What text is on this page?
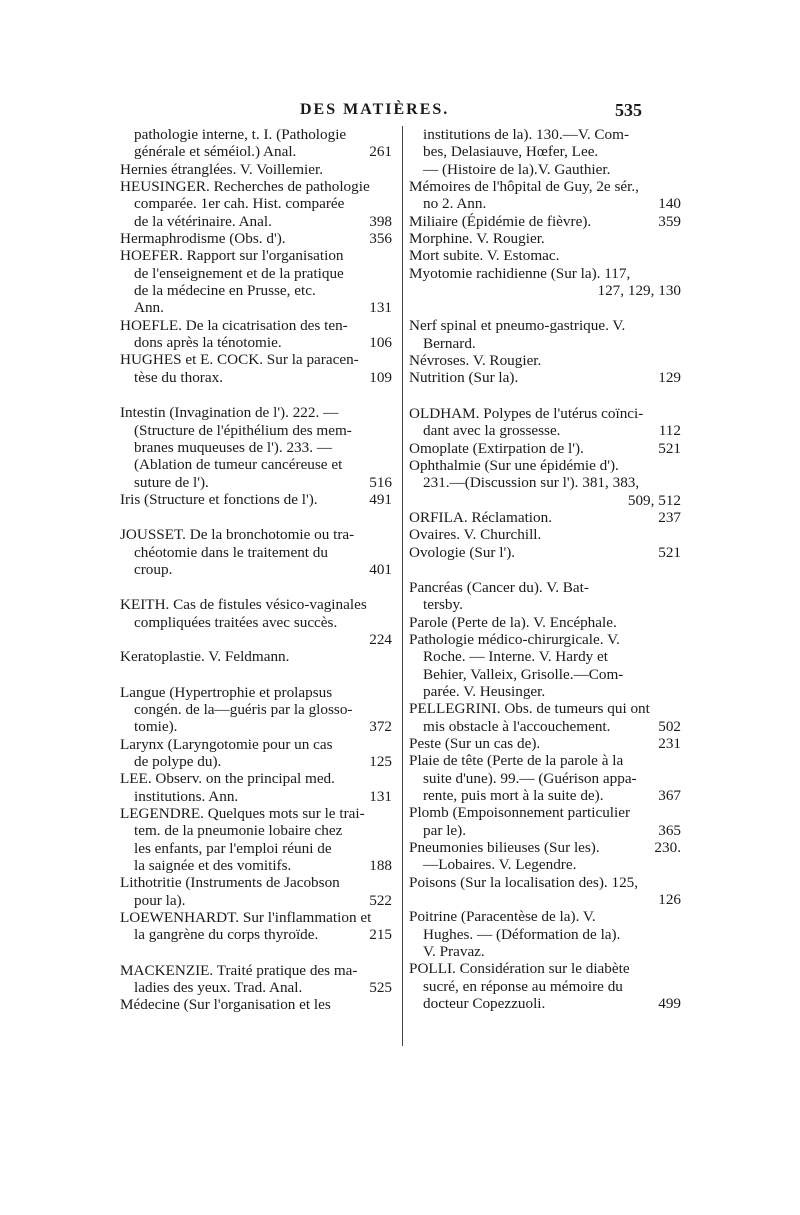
DES MATIÈRES.	535
pathologie interne, t. I. (Pathologie
261
générale et séméiol.) Anal.
Hernies étranglées. V. Voillemier.
HEUSINGER. Recherches de pathologie
comparée. 1er cah. Hist. comparée
398
de la vétérinaire. Anal.
356
Hermaphrodisme (Obs. d').
HOEFER. Rapport sur l'organisation
de l'enseignement et de la pratique
de la médecine en Prusse, etc.
131
Ann.
HOEFLE. De la cicatrisation des ten-
106
dons après la ténotomie.
HUGHES et E. COCK. Sur la paracen-
109
tèse du thorax.
Intestin (Invagination de l'). 222. —
(Structure de l'épithélium des mem-
branes muqueuses de l'). 233. —
(Ablation de tumeur cancéreuse et
516
suture de l').
491
Iris (Structure et fonctions de l').
JOUSSET. De la bronchotomie ou tra-
chéotomie dans le traitement du
401
croup.
KEITH. Cas de fistules vésico-vaginales
compliquées traitées avec succès.
224
Keratoplastie. V. Feldmann.
Langue (Hypertrophie et prolapsus
congén. de la—guéris par la glosso-
372
tomie).
Larynx (Laryngotomie pour un cas
125
de polype du).
LEE. Observ. on the principal med.
131
institutions. Ann.
LEGENDRE. Quelques mots sur le trai-
tem. de la pneumonie lobaire chez
les enfants, par l'emploi réuni de
188
la saignée et des vomitifs.
Lithotritie (Instruments de Jacobson
522
pour la).
LOEWENHARDT. Sur l'inflammation et
215
la gangrène du corps thyroïde.
MACKENZIE. Traité pratique des ma-
525
ladies des yeux. Trad. Anal.
Médecine (Sur l'organisation et les
institutions de la). 130.—V. Com-
bes, Delasiauve, Hœfer, Lee.
— (Histoire de la).V. Gauthier.
Mémoires de l'hôpital de Guy, 2e sér.,
140
no 2. Ann.
359
Miliaire (Épidémie de fièvre).
Morphine. V. Rougier.
Mort subite. V. Estomac.
Myotomie rachidienne (Sur la). 117,
127, 129, 130
Nerf spinal et pneumo-gastrique. V.
Bernard.
Névroses. V. Rougier.
129
Nutrition (Sur la).
OLDHAM. Polypes de l'utérus coïnci-
112
dant avec la grossesse.
521
Omoplate (Extirpation de l').
Ophthalmie (Sur une épidémie d').
231.—(Discussion sur l'). 381, 383,
509, 512
237
ORFILA. Réclamation.
Ovaires. V. Churchill.
521
Ovologie (Sur l').
Pancréas (Cancer du). V. Bat-
tersby.
Parole (Perte de la). V. Encéphale.
Pathologie médico-chirurgicale. V.
Roche. — Interne. V. Hardy et
Behier, Valleix, Grisolle.—Com-
parée. V. Heusinger.
PELLEGRINI. Obs. de tumeurs qui ont
502
mis obstacle à l'accouchement.
231
Peste (Sur un cas de).
Plaie de tête (Perte de la parole à la
suite d'une). 99.— (Guérison appa-
367
rente, puis mort à la suite de).
Plomb (Empoisonnement particulier
365
par le).
230.
Pneumonies bilieuses (Sur les).
—Lobaires. V. Legendre.
Poisons (Sur la localisation des). 125,
126
Poitrine (Paracentèse de la). V.
Hughes. — (Déformation de la).
V. Pravaz.
POLLI. Considération sur le diabète
sucré, en réponse au mémoire du
499
docteur Copezzuoli.
